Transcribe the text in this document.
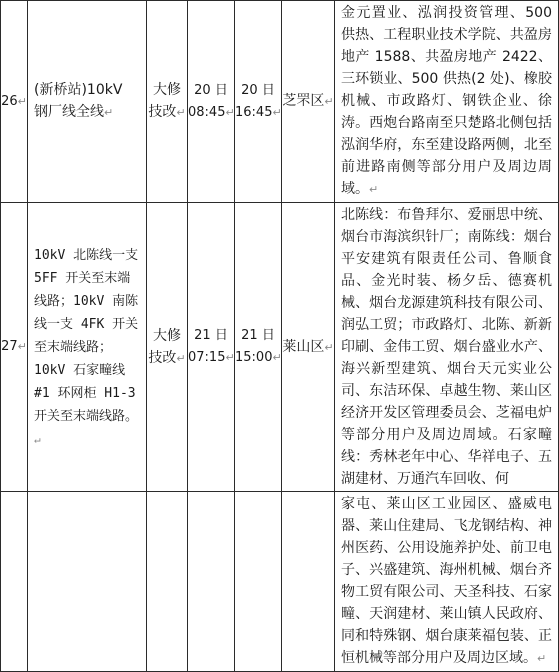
26↵	(新桥站)10kV 钢厂线全线↵	大修技改↵	20 日 08:45↵	20 日 16:45↵	芝罘区↵	金元置业、泓润投资管理、500 供热、工程职业技术学院、共盈房地产 1588、共盈房地产 2422、三环锁业、500 供热(2 处)、橡胶机械、市政路灯、钢铁企业、徐涛。西炮台路南至只楚路北侧包括泓润华府，东至建设路两侧，北至前进路南侧等部分用户及周边周域。↵
27↵	10kV 北陈线一支 5FF 开关至末端线路；10kV 南陈线一支 4FK 开关至末端线路；10kV 石家疃线#1 环网柜 H1-3 开关至末端线路。↵	大修技改↵	21 日 07:15↵	21 日 15:00↵	莱山区↵	北陈线：布鲁拜尔、爱丽思中统、烟台市海滨织针厂；南陈线：烟台平安建筑有限责任公司、鲁顺食品、金光时装、杨夕岳、德赛机械、烟台龙源建筑科技有限公司、润弘工贸；市政路灯、北陈、新新印刷、金伟工贸、烟台盛业水产、海兴新型建筑、烟台天元实业公司、东洁环保、卓越生物、莱山区经济开发区管理委员会、芝福电炉等部分用户及周边周域。石家疃线：秀林老年中心、华祥电子、五湖建材、万通汽车回收、何
						家屯、莱山区工业园区、盛威电器、莱山住建局、飞龙钢结构、神州医药、公用设施养护处、前卫电子、兴盛建筑、海州机械、烟台齐物工贸有限公司、天圣科技、石家疃、天润建材、莱山镇人民政府、同和特殊钢、烟台康莱福包装、正恒机械等部分用户及周边区域。↵
